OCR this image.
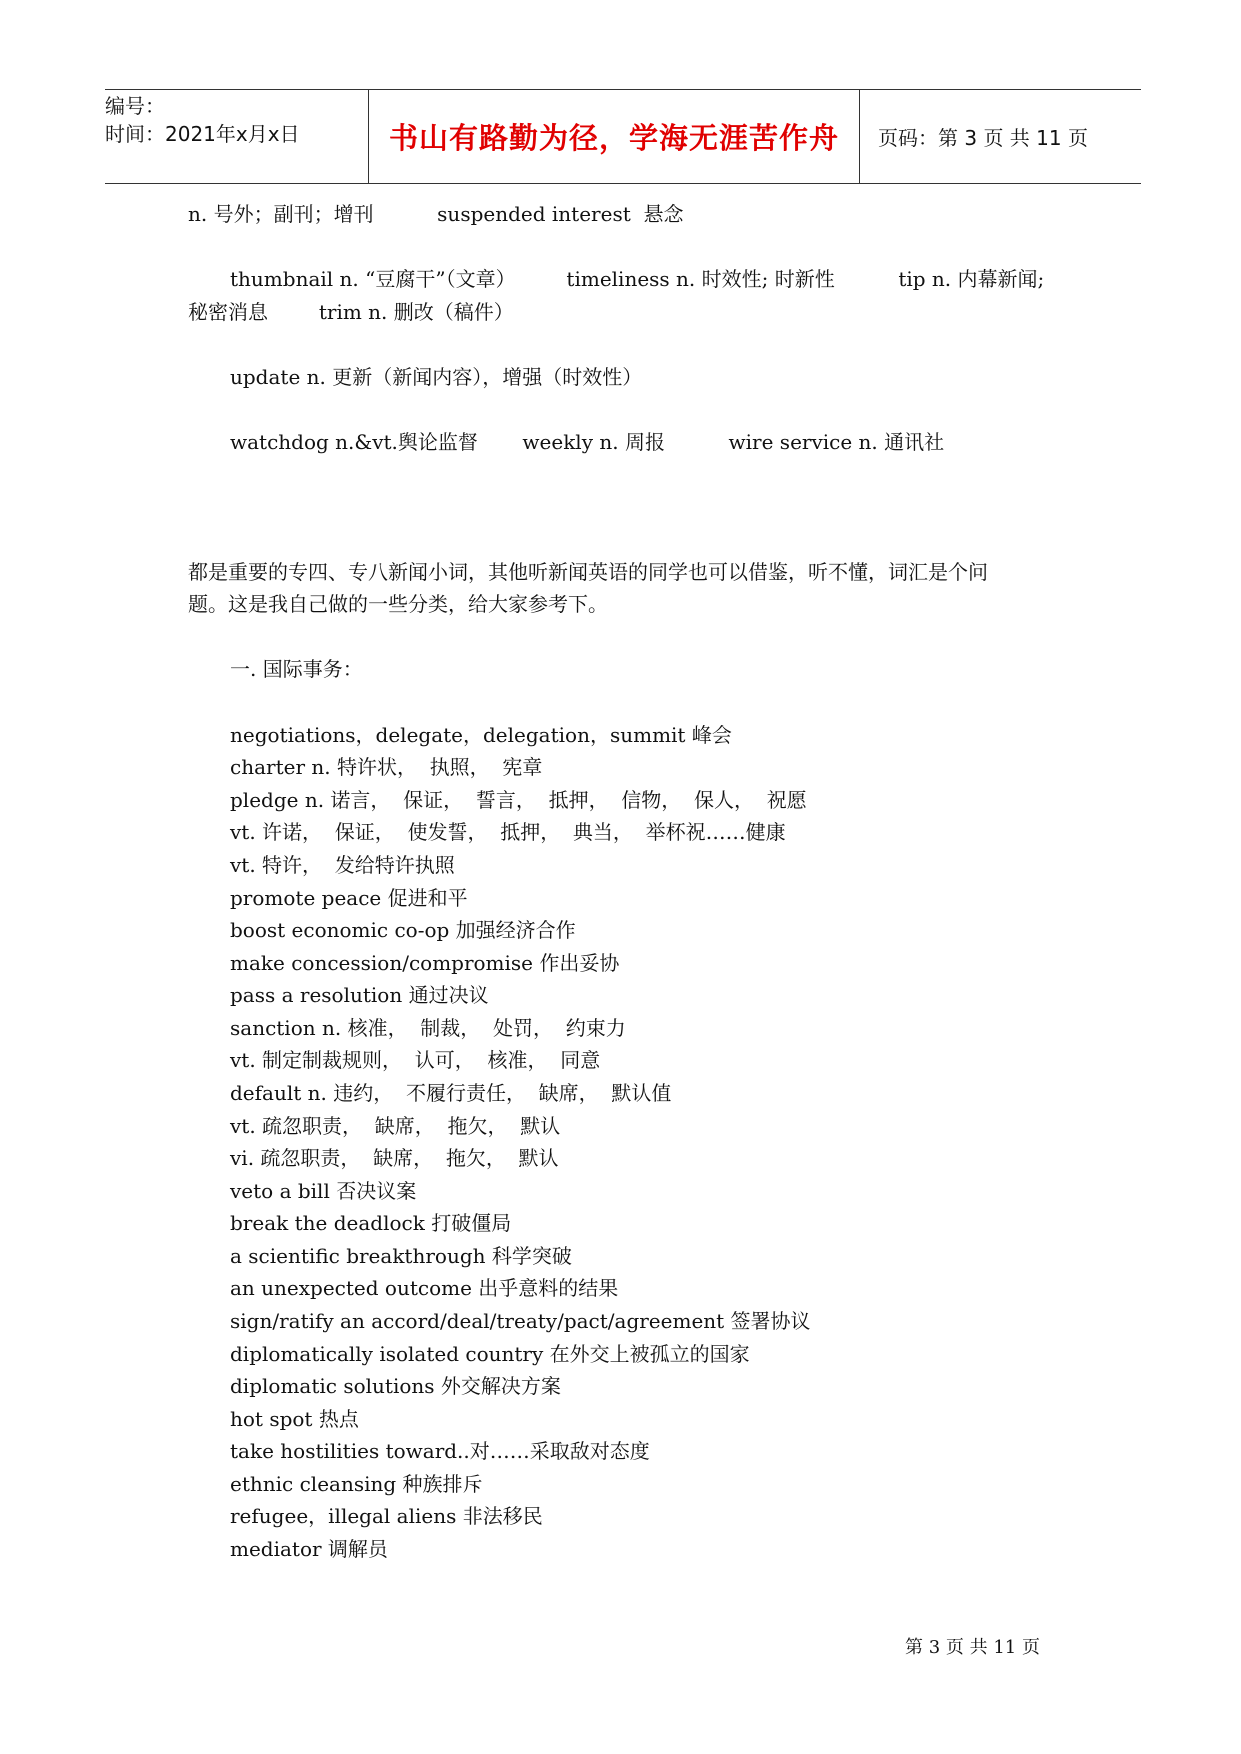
编号：
时间：2021年x月x日	书山有路勤为径，学海无涯苦作舟 页码：第 3 页 共 11 页
n. 号外；副刊；增刊          suspended interest  悬念
thumbnail n. “豆腐干”（文章）        timeliness n. 时效性; 时新性          tip n. 内幕新闻;
秘密消息        trim n. 删改（稿件）
update n. 更新（新闻内容），增强（时效性）
watchdog n.&vt.舆论监督       weekly n. 周报          wire service n. 通讯社
都是重要的专四、专八新闻小词，其他听新闻英语的同学也可以借鉴，听不懂，词汇是个问
题。这是我自己做的一些分类，给大家参考下。
一. 国际事务：
negotiations，delegate，delegation，summit 峰会
charter n. 特许状，  执照，  宪章
pledge n. 诺言，  保证，  誓言，  抵押，  信物，  保人，  祝愿
vt. 许诺，  保证，  使发誓，  抵押，  典当，  举杯祝……健康
vt. 特许，  发给特许执照
promote peace 促进和平
boost economic co-op 加强经济合作
make concession/compromise 作出妥协
pass a resolution 通过决议
sanction n. 核准，  制裁，  处罚，  约束力
vt. 制定制裁规则，  认可，  核准，  同意
default n. 违约，  不履行责任，  缺席，  默认值
vt. 疏忽职责，  缺席，  拖欠，  默认
vi. 疏忽职责，  缺席，  拖欠，  默认
veto a bill 否决议案
break the deadlock 打破僵局
a scientific breakthrough 科学突破
an unexpected outcome 出乎意料的结果
sign/ratify an accord/deal/treaty/pact/agreement 签署协议
diplomatically isolated country 在外交上被孤立的国家
diplomatic solutions 外交解决方案
hot spot 热点
take hostilities toward..对……采取敌对态度
ethnic cleansing 种族排斥
refugee，illegal aliens 非法移民
mediator 调解员
第 3 页 共 11 页
